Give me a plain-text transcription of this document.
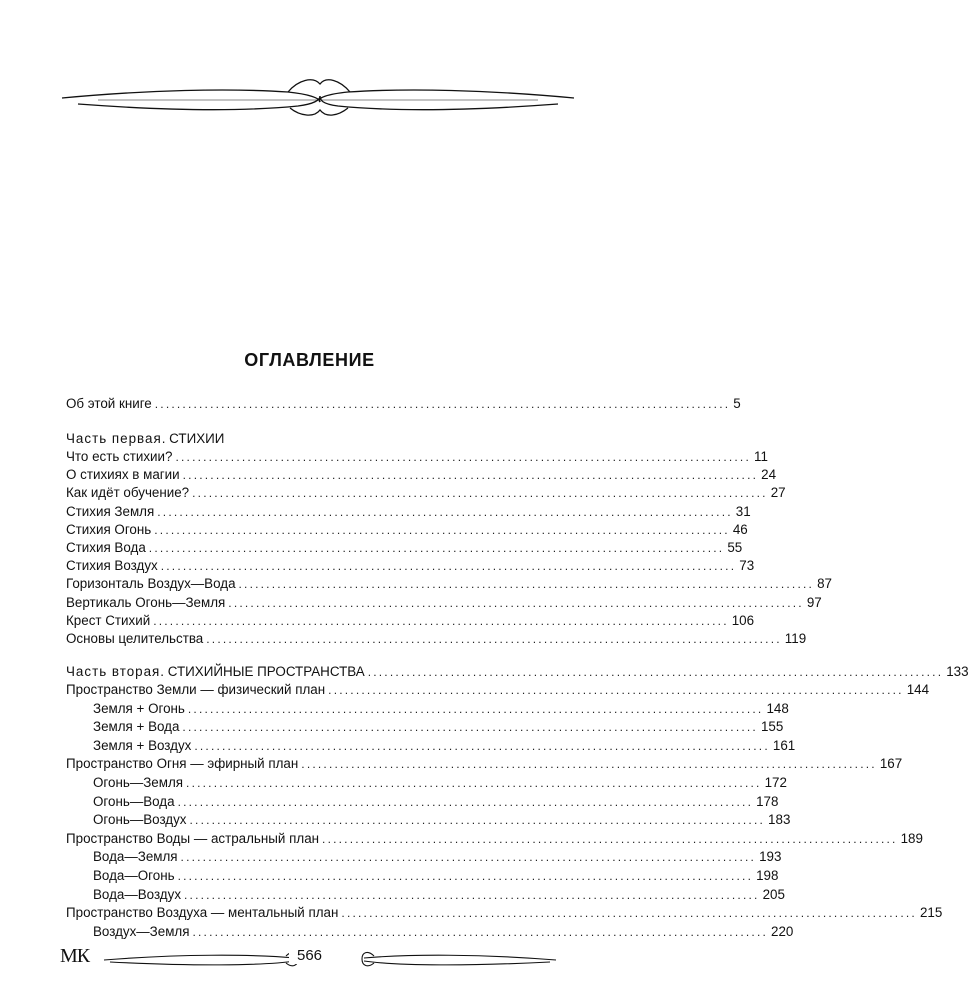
ОГЛАВЛЕНИЕ
Об этой книге ........................................................................................................ 5
Часть первая. СТИХИИ
Что есть стихии? ........................................................................................................ 11
О стихиях в магии ........................................................................................................ 24
Как идёт обучение? ........................................................................................................ 27
Стихия Земля ........................................................................................................ 31
Стихия Огонь ........................................................................................................ 46
Стихия Вода ........................................................................................................ 55
Стихия Воздух ........................................................................................................ 73
Горизонталь Воздух—Вода ........................................................................................................ 87
Вертикаль Огонь—Земля ........................................................................................................ 97
Крест Стихий ........................................................................................................ 106
Основы целительства ........................................................................................................ 119
Часть вторая. СТИХИЙНЫЕ ПРОСТРАНСТВА ........................................................................................................ 133
Пространство Земли — физический план ........................................................................................................ 144
Земля + Огонь ........................................................................................................ 148
Земля + Вода ........................................................................................................ 155
Земля + Воздух ........................................................................................................ 161
Пространство Огня — эфирный план ........................................................................................................ 167
Огонь—Земля ........................................................................................................ 172
Огонь—Вода ........................................................................................................ 178
Огонь—Воздух ........................................................................................................ 183
Пространство Воды — астральный план ........................................................................................................ 189
Вода—Земля ........................................................................................................ 193
Вода—Огонь ........................................................................................................ 198
Вода—Воздух ........................................................................................................ 205
Пространство Воздуха — ментальный план ........................................................................................................ 215
Воздух—Земля ........................................................................................................ 220
МК	566
